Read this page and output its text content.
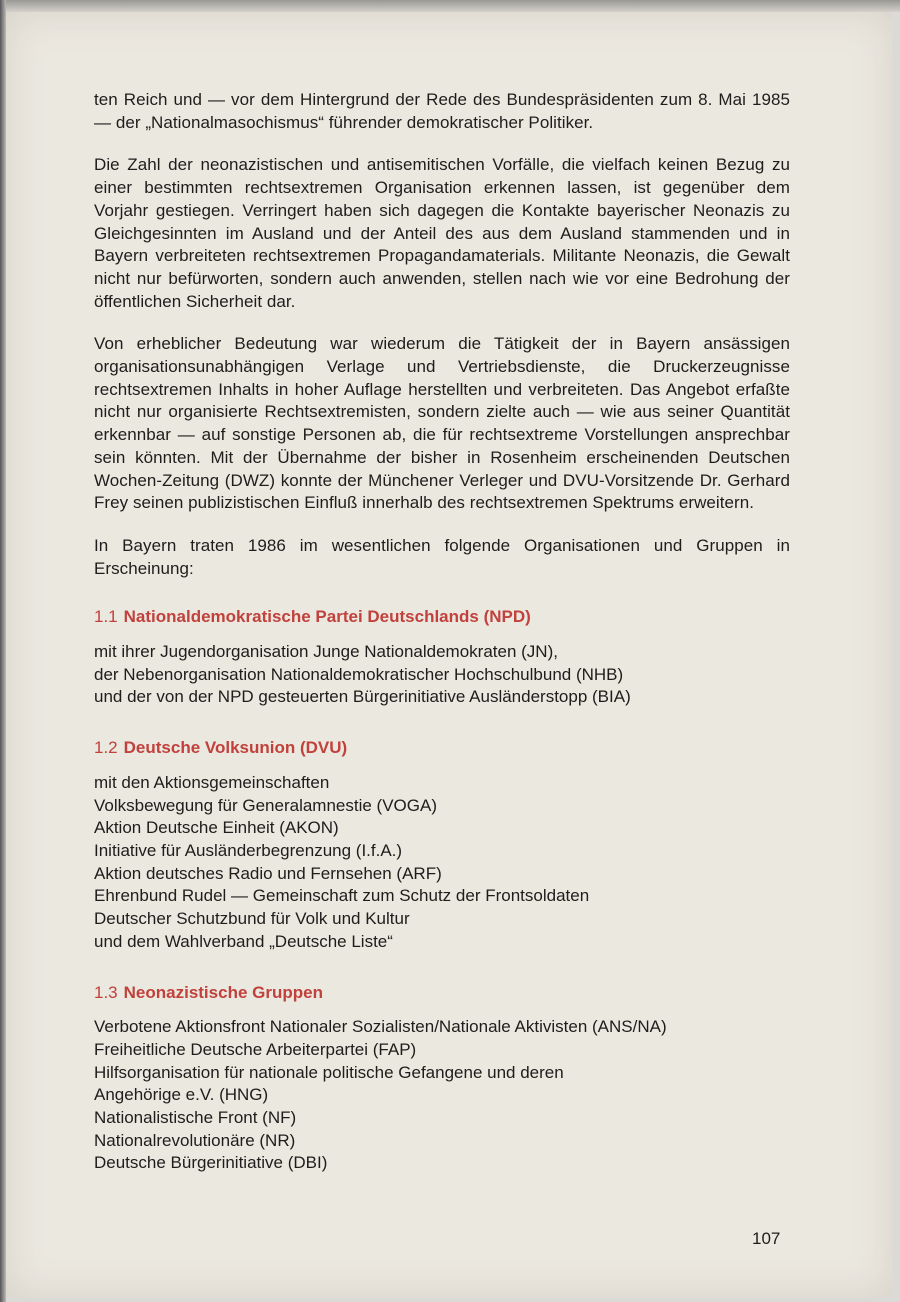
ten Reich und — vor dem Hintergrund der Rede des Bundespräsidenten zum 8. Mai 1985 — der „Nationalmasochismus“ führender demokratischer Politiker.

Die Zahl der neonazistischen und antisemitischen Vorfälle, die vielfach keinen Bezug zu einer bestimmten rechtsextremen Organisation erkennen lassen, ist gegenüber dem Vorjahr gestiegen. Verringert haben sich dagegen die Kontakte bayerischer Neonazis zu Gleichgesinnten im Ausland und der Anteil des aus dem Ausland stammenden und in Bayern verbreiteten rechtsextremen Propagandamaterials. Militante Neonazis, die Gewalt nicht nur befürworten, sondern auch anwenden, stellen nach wie vor eine Bedrohung der öffentlichen Sicherheit dar.

Von erheblicher Bedeutung war wiederum die Tätigkeit der in Bayern ansässigen organisationsunabhängigen Verlage und Vertriebsdienste, die Druckerzeugnisse rechtsextremen Inhalts in hoher Auflage herstellten und verbreiteten. Das Angebot erfaßte nicht nur organisierte Rechtsextremisten, sondern zielte auch — wie aus seiner Quantität erkennbar — auf sonstige Personen ab, die für rechtsextreme Vorstellungen ansprechbar sein könnten. Mit der Übernahme der bisher in Rosenheim erscheinenden Deutschen Wochen-Zeitung (DWZ) konnte der Münchener Verleger und DVU-Vorsitzende Dr. Gerhard Frey seinen publizistischen Einfluß innerhalb des rechtsextremen Spektrums erweitern.

In Bayern traten 1986 im wesentlichen folgende Organisationen und Gruppen in Erscheinung:

1.1 Nationaldemokratische Partei Deutschlands (NPD)
mit ihrer Jugendorganisation Junge Nationaldemokraten (JN),
der Nebenorganisation Nationaldemokratischer Hochschulbund (NHB)
und der von der NPD gesteuerten Bürgerinitiative Ausländerstopp (BIA)
1.2 Deutsche Volksunion (DVU)
mit den Aktionsgemeinschaften
Volksbewegung für Generalamnestie (VOGA)
Aktion Deutsche Einheit (AKON)
Initiative für Ausländerbegrenzung (I.f.A.)
Aktion deutsches Radio und Fernsehen (ARF)
Ehrenbund Rudel — Gemeinschaft zum Schutz der Frontsoldaten
Deutscher Schutzbund für Volk und Kultur
und dem Wahlverband „Deutsche Liste“
1.3 Neonazistische Gruppen
Verbotene Aktionsfront Nationaler Sozialisten/Nationale Aktivisten (ANS/NA)
Freiheitliche Deutsche Arbeiterpartei (FAP)
Hilfsorganisation für nationale politische Gefangene und deren
Angehörige e.V. (HNG)
Nationalistische Front (NF)
Nationalrevolutionäre (NR)
Deutsche Bürgerinitiative (DBI)
107
